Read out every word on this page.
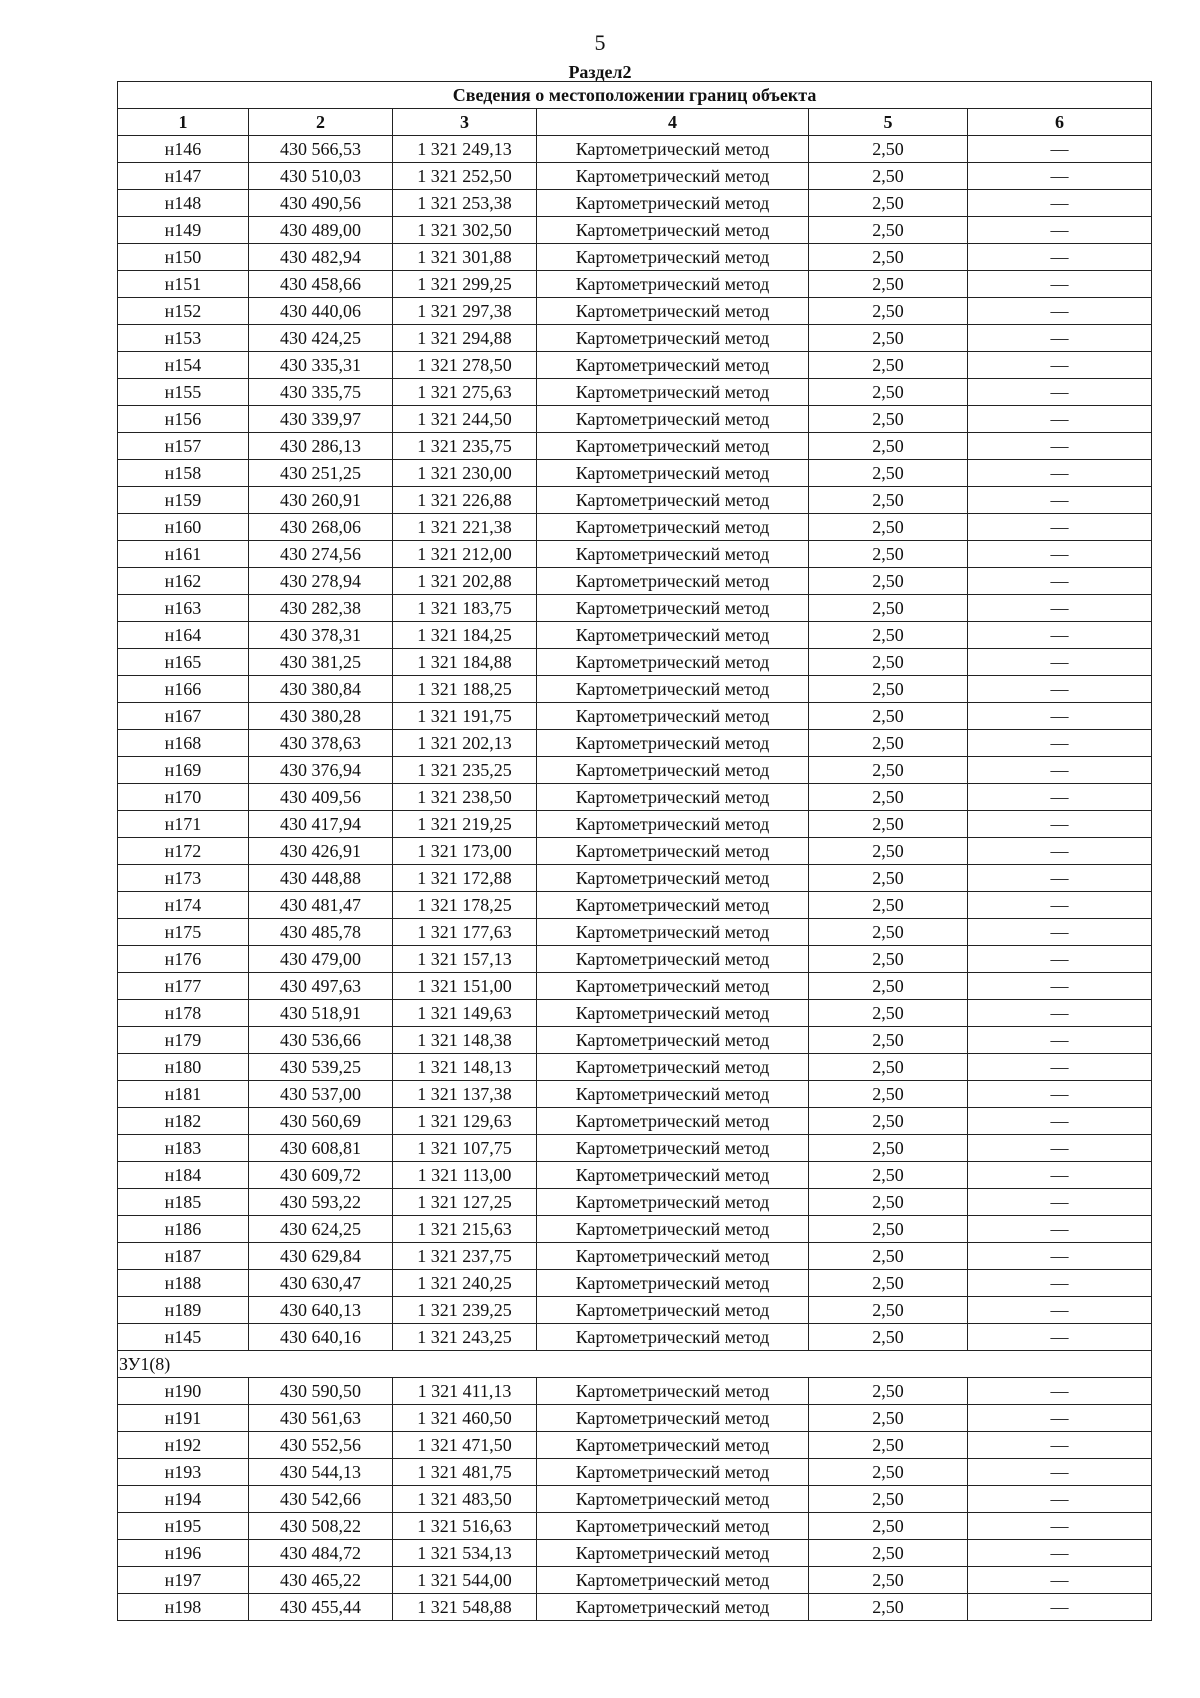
5
Раздел2
Сведения о местоположении границ объекта					
1	2	3	4	5	6
н146	430 566,53	1 321 249,13	Картометрический метод	2,50	—
н147	430 510,03	1 321 252,50	Картометрический метод	2,50	—
н148	430 490,56	1 321 253,38	Картометрический метод	2,50	—
н149	430 489,00	1 321 302,50	Картометрический метод	2,50	—
н150	430 482,94	1 321 301,88	Картометрический метод	2,50	—
н151	430 458,66	1 321 299,25	Картометрический метод	2,50	—
н152	430 440,06	1 321 297,38	Картометрический метод	2,50	—
н153	430 424,25	1 321 294,88	Картометрический метод	2,50	—
н154	430 335,31	1 321 278,50	Картометрический метод	2,50	—
н155	430 335,75	1 321 275,63	Картометрический метод	2,50	—
н156	430 339,97	1 321 244,50	Картометрический метод	2,50	—
н157	430 286,13	1 321 235,75	Картометрический метод	2,50	—
н158	430 251,25	1 321 230,00	Картометрический метод	2,50	—
н159	430 260,91	1 321 226,88	Картометрический метод	2,50	—
н160	430 268,06	1 321 221,38	Картометрический метод	2,50	—
н161	430 274,56	1 321 212,00	Картометрический метод	2,50	—
н162	430 278,94	1 321 202,88	Картометрический метод	2,50	—
н163	430 282,38	1 321 183,75	Картометрический метод	2,50	—
н164	430 378,31	1 321 184,25	Картометрический метод	2,50	—
н165	430 381,25	1 321 184,88	Картометрический метод	2,50	—
н166	430 380,84	1 321 188,25	Картометрический метод	2,50	—
н167	430 380,28	1 321 191,75	Картометрический метод	2,50	—
н168	430 378,63	1 321 202,13	Картометрический метод	2,50	—
н169	430 376,94	1 321 235,25	Картометрический метод	2,50	—
н170	430 409,56	1 321 238,50	Картометрический метод	2,50	—
н171	430 417,94	1 321 219,25	Картометрический метод	2,50	—
н172	430 426,91	1 321 173,00	Картометрический метод	2,50	—
н173	430 448,88	1 321 172,88	Картометрический метод	2,50	—
н174	430 481,47	1 321 178,25	Картометрический метод	2,50	—
н175	430 485,78	1 321 177,63	Картометрический метод	2,50	—
н176	430 479,00	1 321 157,13	Картометрический метод	2,50	—
н177	430 497,63	1 321 151,00	Картометрический метод	2,50	—
н178	430 518,91	1 321 149,63	Картометрический метод	2,50	—
н179	430 536,66	1 321 148,38	Картометрический метод	2,50	—
н180	430 539,25	1 321 148,13	Картометрический метод	2,50	—
н181	430 537,00	1 321 137,38	Картометрический метод	2,50	—
н182	430 560,69	1 321 129,63	Картометрический метод	2,50	—
н183	430 608,81	1 321 107,75	Картометрический метод	2,50	—
н184	430 609,72	1 321 113,00	Картометрический метод	2,50	—
н185	430 593,22	1 321 127,25	Картометрический метод	2,50	—
н186	430 624,25	1 321 215,63	Картометрический метод	2,50	—
н187	430 629,84	1 321 237,75	Картометрический метод	2,50	—
н188	430 630,47	1 321 240,25	Картометрический метод	2,50	—
н189	430 640,13	1 321 239,25	Картометрический метод	2,50	—
н145	430 640,16	1 321 243,25	Картометрический метод	2,50	—
ЗУ1(8)					
н190	430 590,50	1 321 411,13	Картометрический метод	2,50	—
н191	430 561,63	1 321 460,50	Картометрический метод	2,50	—
н192	430 552,56	1 321 471,50	Картометрический метод	2,50	—
н193	430 544,13	1 321 481,75	Картометрический метод	2,50	—
н194	430 542,66	1 321 483,50	Картометрический метод	2,50	—
н195	430 508,22	1 321 516,63	Картометрический метод	2,50	—
н196	430 484,72	1 321 534,13	Картометрический метод	2,50	—
н197	430 465,22	1 321 544,00	Картометрический метод	2,50	—
н198	430 455,44	1 321 548,88	Картометрический метод	2,50	—
